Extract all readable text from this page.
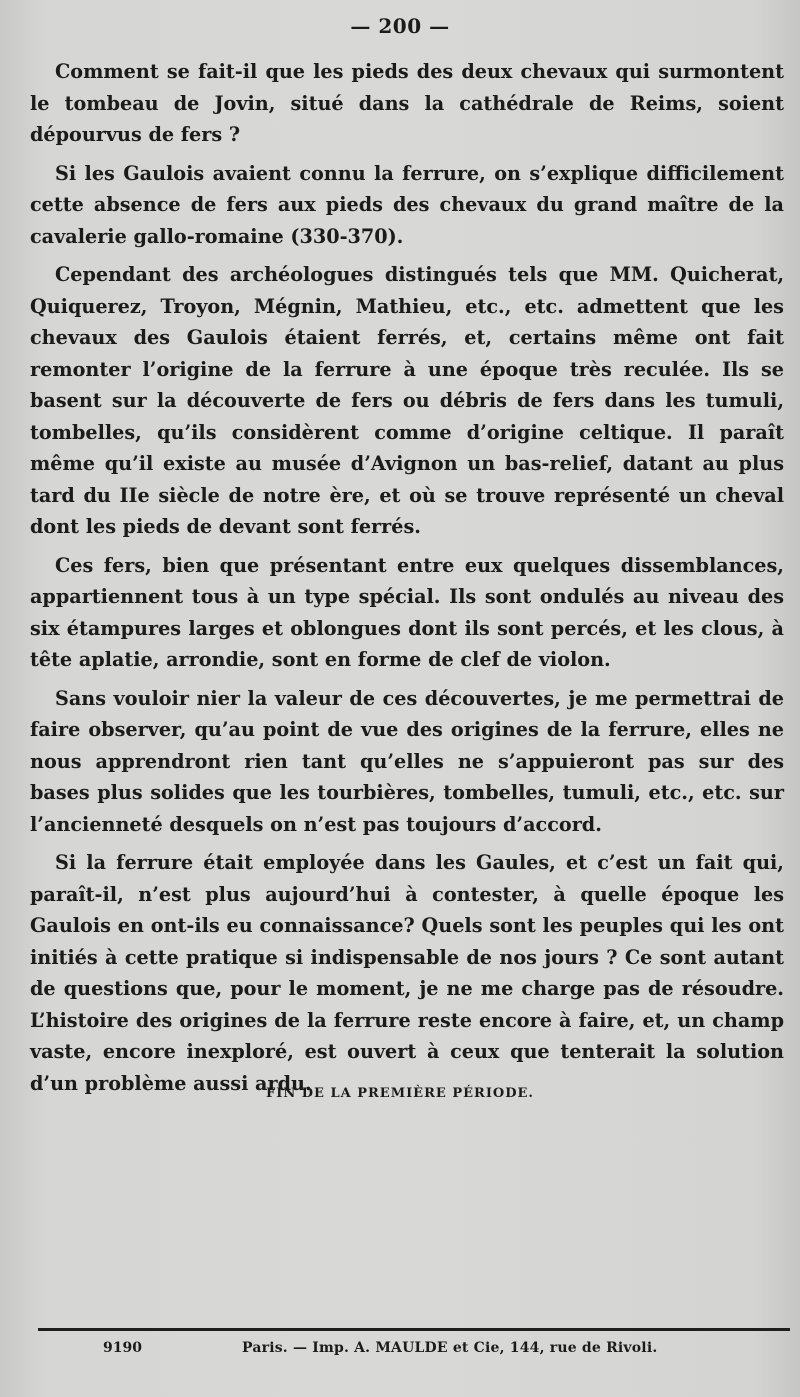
— 200 —

Comment se fait-il que les pieds des deux chevaux qui surmontent le tombeau de Jovin, situé dans la cathédrale de Reims, soient dépourvus de fers ?

Si les Gaulois avaient connu la ferrure, on s’explique difficilement cette absence de fers aux pieds des chevaux du grand maître de la cavalerie gallo-romaine (330-370).

Cependant des archéologues distingués tels que MM. Quicherat, Quiquerez, Troyon, Mégnin, Mathieu, etc., etc. admettent que les chevaux des Gaulois étaient ferrés, et, certains même ont fait remonter l’origine de la ferrure à une époque très reculée. Ils se basent sur la découverte de fers ou débris de fers dans les tumuli, tombelles, qu’ils considèrent comme d’origine celtique. Il paraît même qu’il existe au musée d’Avignon un bas-relief, datant au plus tard du IIe siècle de notre ère, et où se trouve représenté un cheval dont les pieds de devant sont ferrés.

Ces fers, bien que présentant entre eux quelques dissemblances, appartiennent tous à un type spécial. Ils sont ondulés au niveau des six étampures larges et oblongues dont ils sont percés, et les clous, à tête aplatie, arrondie, sont en forme de clef de violon.

Sans vouloir nier la valeur de ces découvertes, je me permettrai de faire observer, qu’au point de vue des origines de la ferrure, elles ne nous apprendront rien tant qu’elles ne s’appuieront pas sur des bases plus solides que les tourbières, tombelles, tumuli, etc., etc. sur l’ancienneté desquels on n’est pas toujours d’accord.

Si la ferrure était employée dans les Gaules, et c’est un fait qui, paraît-il, n’est plus aujourd’hui à contester, à quelle époque les Gaulois en ont-ils eu connaissance? Quels sont les peuples qui les ont initiés à cette pratique si indispensable de nos jours ? Ce sont autant de questions que, pour le moment, je ne me charge pas de résoudre. L’histoire des origines de la ferrure reste encore à faire, et, un champ vaste, encore inexploré, est ouvert à ceux que tenterait la solution d’un problème aussi ardu.

FIN DE LA PREMIÈRE PÉRIODE.
9190	Paris. — Imp. A. MAULDE et Cie, 144, rue de Rivoli.
